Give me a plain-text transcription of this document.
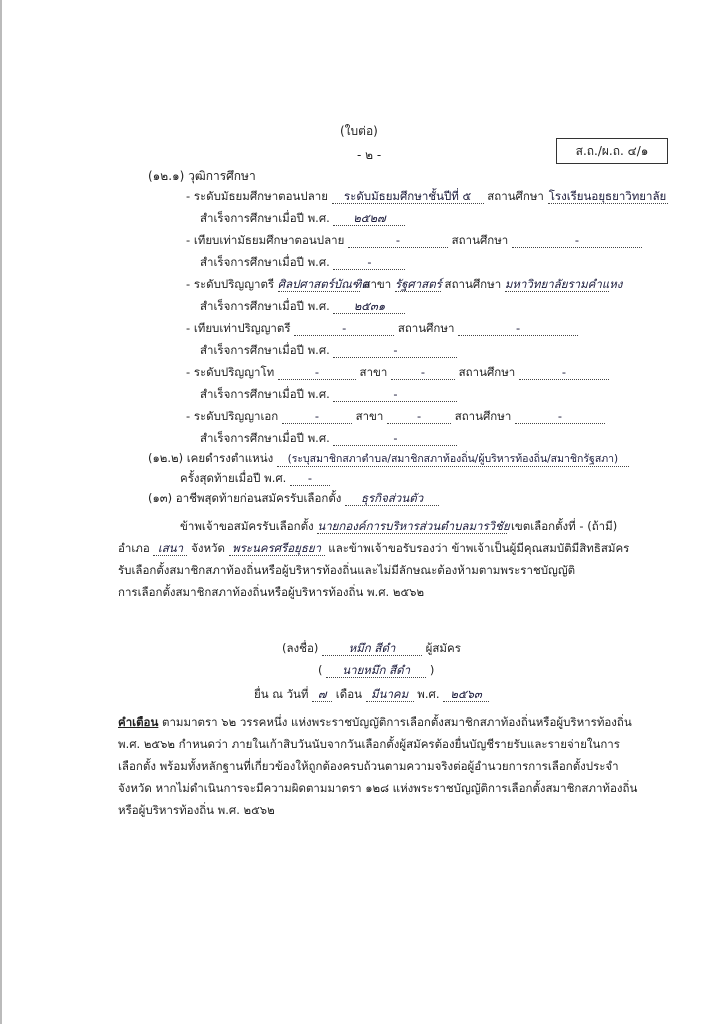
(ใบต่อ)
- ๒ -	ส.ถ./ผ.ถ. ๔/๑
(๑๒.๑) วุฒิการศึกษา
- ระดับมัธยมศึกษาตอนปลาย ระดับมัธยมศึกษาชั้นปีที่ ๕ สถานศึกษา โรงเรียนอยุธยาวิทยาลัย
สำเร็จการศึกษาเมื่อปี พ.ศ. ๒๕๒๗
- เทียบเท่ามัธยมศึกษาตอนปลาย	-	สถานศึกษา	-
สำเร็จการศึกษาเมื่อปี พ.ศ.	-
- ระดับปริญญาตรี ศิลปศาสตร์บัณฑิต สาขา รัฐศาสตร์ สถานศึกษา มหาวิทยาลัยรามคำแหง
สำเร็จการศึกษาเมื่อปี พ.ศ. ๒๕๓๑
- เทียบเท่าปริญญาตรี	-	สถานศึกษา	-
สำเร็จการศึกษาเมื่อปี พ.ศ.	-
- ระดับปริญญาโท	-	สาขา	-	สถานศึกษา	-
สำเร็จการศึกษาเมื่อปี พ.ศ.	-
- ระดับปริญญาเอก	-	สาขา	-	สถานศึกษา	-
สำเร็จการศึกษาเมื่อปี พ.ศ.	-
(๑๒.๒) เคยดำรงตำแหน่ง (ระบุสมาชิกสภาตำบล/สมาชิกสภาท้องถิ่น/ผู้บริหารท้องถิ่น/สมาชิกรัฐสภา)
ครั้งสุดท้ายเมื่อปี พ.ศ. -
(๑๓) อาชีพสุดท้ายก่อนสมัครรับเลือกตั้ง ธุรกิจส่วนตัว
ข้าพเจ้าขอสมัครรับเลือกตั้ง นายกองค์การบริหารส่วนตำบลมารวิชัย เขตเลือกตั้งที่ - (ถ้ามี)
อำเภอ เสนา จังหวัด พระนครศรีอยุธยา และข้าพเจ้าขอรับรองว่า ข้าพเจ้าเป็นผู้มีคุณสมบัติมีสิทธิสมัคร
รับเลือกตั้งสมาชิกสภาท้องถิ่นหรือผู้บริหารท้องถิ่นและไม่มีลักษณะต้องห้ามตามพระราชบัญญัติ
การเลือกตั้งสมาชิกสภาท้องถิ่นหรือผู้บริหารท้องถิ่น พ.ศ. ๒๕๖๒
(ลงชื่อ)	หมึก สีดำ	ผู้สมัคร
( นายหมึก สีดำ )
ยื่น ณ วันที่ ๗ เดือน มีนาคม พ.ศ. ๒๕๖๓
คำเตือน ตามมาตรา ๖๒ วรรคหนึ่ง แห่งพระราชบัญญัติการเลือกตั้งสมาชิกสภาท้องถิ่นหรือผู้บริหารท้องถิ่น
พ.ศ. ๒๕๖๒ กำหนดว่า ภายในเก้าสิบวันนับจากวันเลือกตั้งผู้สมัครต้องยื่นบัญชีรายรับและรายจ่ายในการ
เลือกตั้ง พร้อมทั้งหลักฐานที่เกี่ยวข้องให้ถูกต้องครบถ้วนตามความจริงต่อผู้อำนวยการการเลือกตั้งประจำ
จังหวัด หากไม่ดำเนินการจะมีความผิดตามมาตรา ๑๒๘ แห่งพระราชบัญญัติการเลือกตั้งสมาชิกสภาท้องถิ่น
หรือผู้บริหารท้องถิ่น พ.ศ. ๒๕๖๒
